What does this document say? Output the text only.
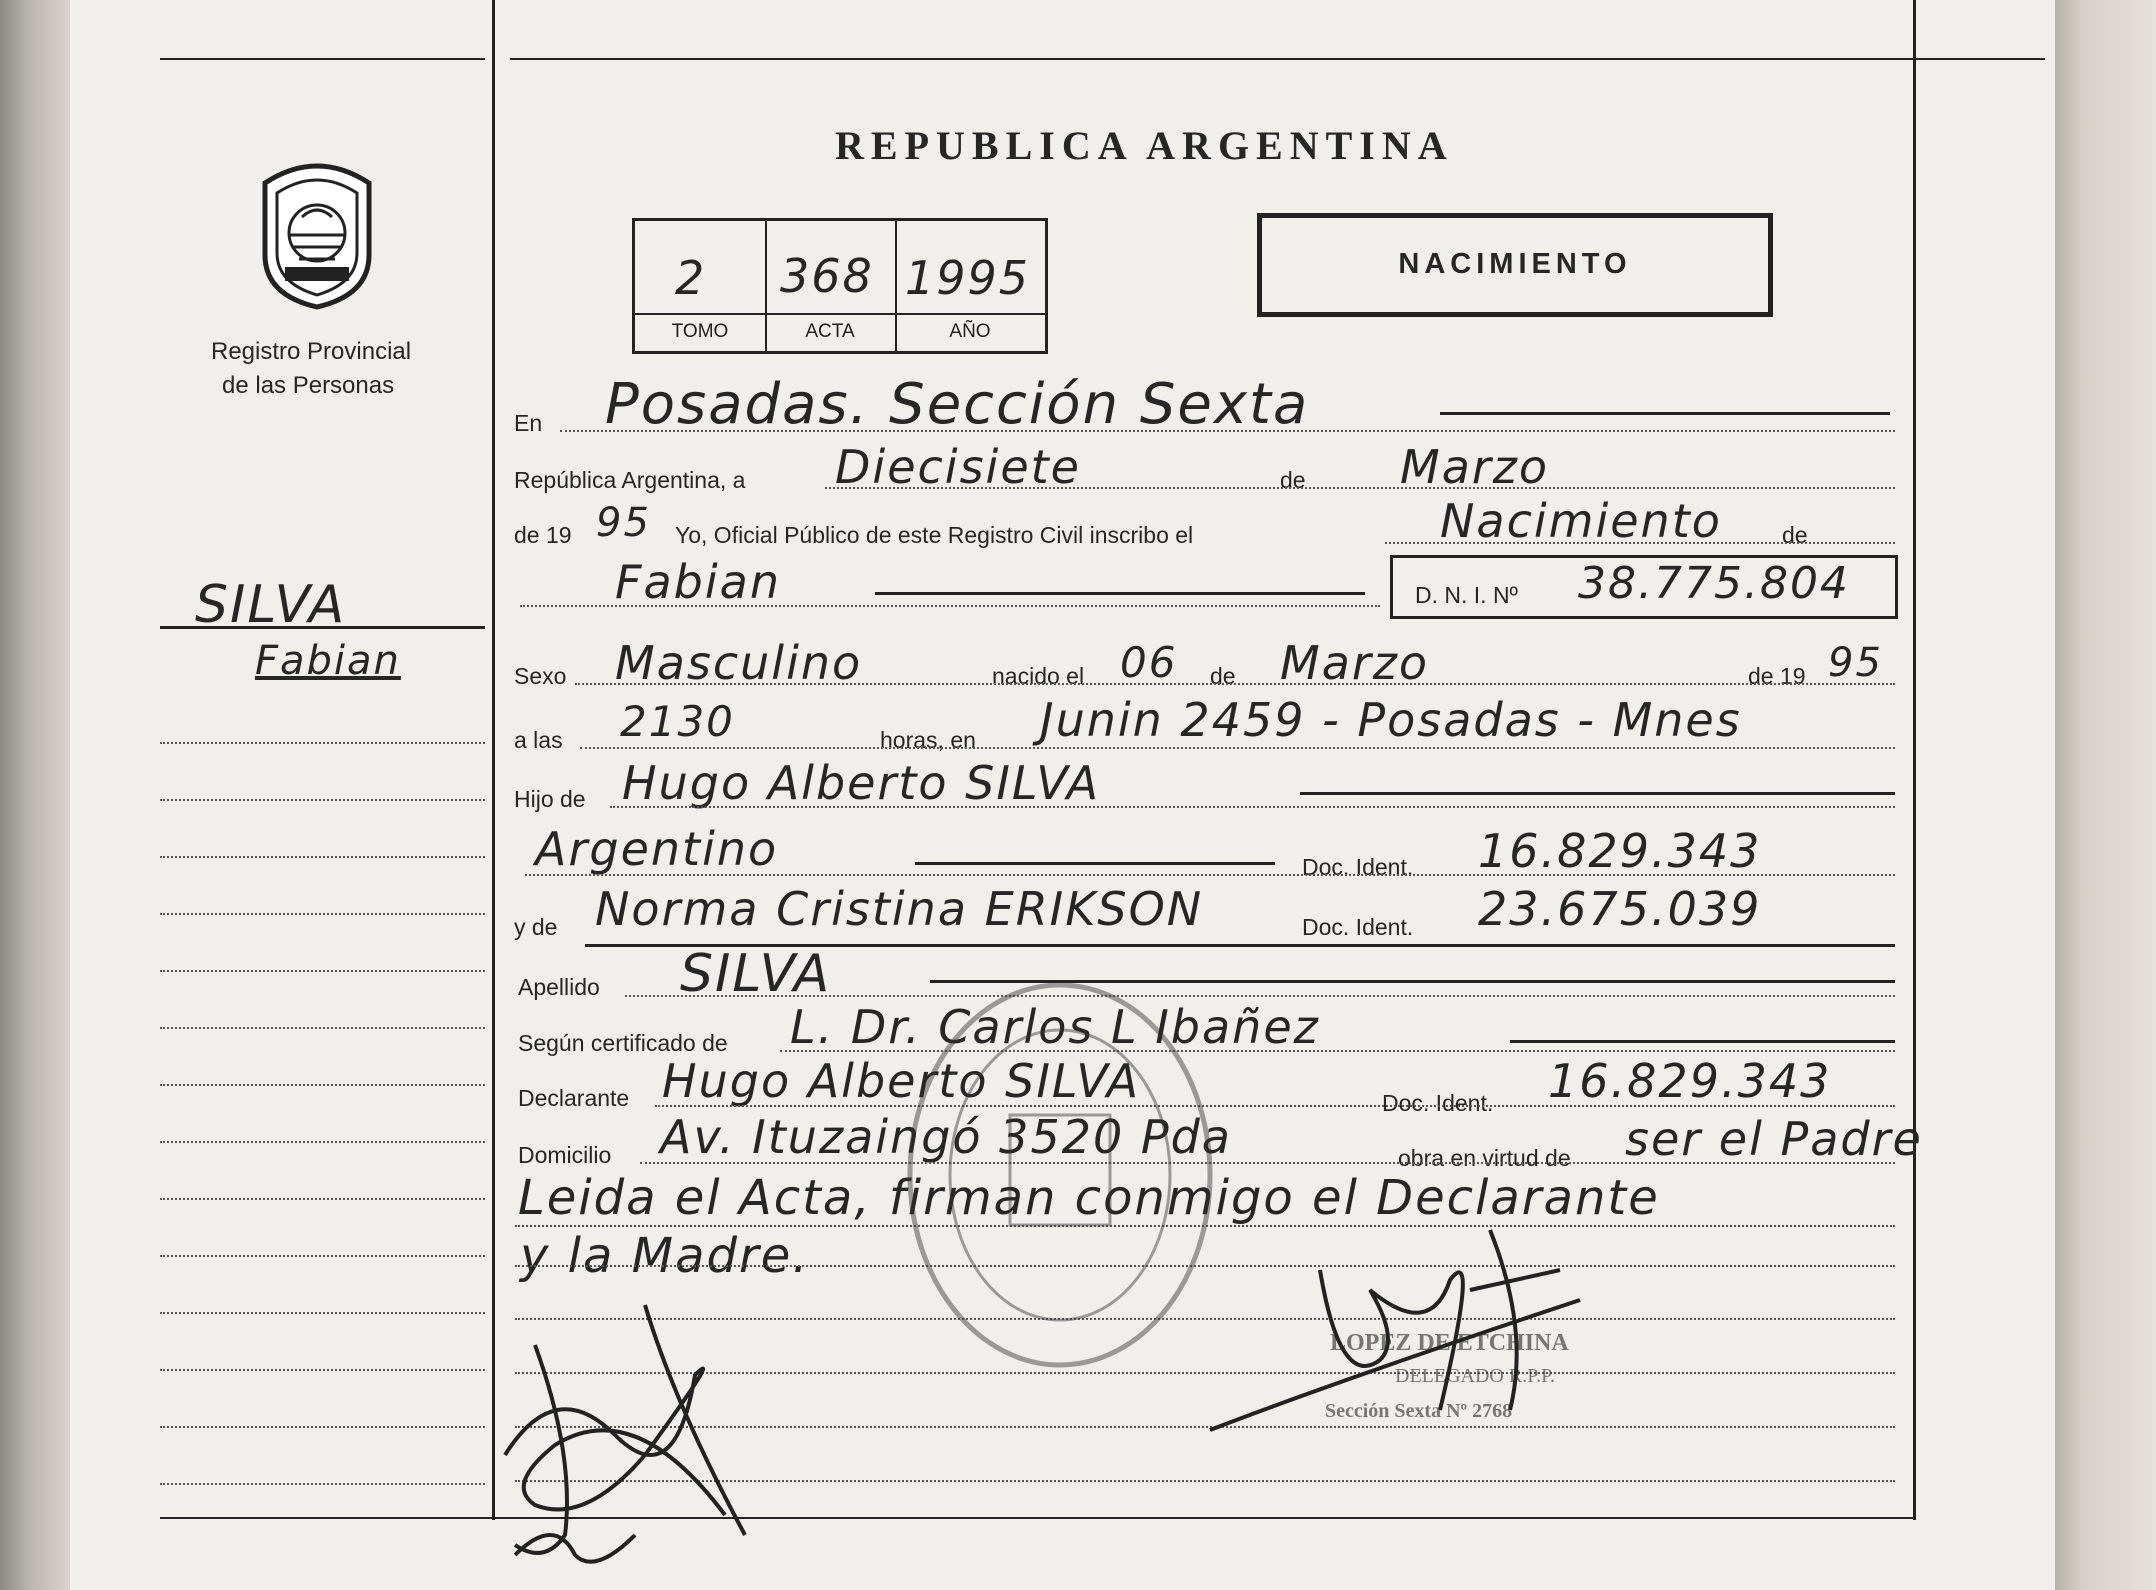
Registro Provincial
de las Personas
REPUBLICA ARGENTINA
2 368 1995
TOMO	ACTA	AÑO
NACIMIENTO
SILVA
Fabian
En Posadas. Sección Sexta
República Argentina, a Diecisiete	de Marzo
de 19 95 Yo, Oficial Público de este Registro Civil inscribo el	Nacimiento	de
Fabian	D. N. I. Nº 38.775.804
Sexo Masculino	nacido el 06 de Marzo	de 19 95
a las 2130	horas, en Junin 2459 - Posadas - Mnes
Hijo de Hugo Alberto SILVA
Argentino	Doc. Ident. 16.829.343
y de Norma Cristina ERIKSON	Doc. Ident. 23.675.039
Apellido SILVA
Según certificado de L. Dr. Carlos L Ibañez
Declarante Hugo Alberto SILVA	Doc. Ident. 16.829.343
Domicilio Av. Ituzaingó 3520 Pda	obra en virtud de ser el Padre
Leida el Acta, firman conmigo el Declarante
y la Madre.
LOPEZ DE ETCHINA
DELEGADO R.P.P.
Sección Sexta Nº 2768
